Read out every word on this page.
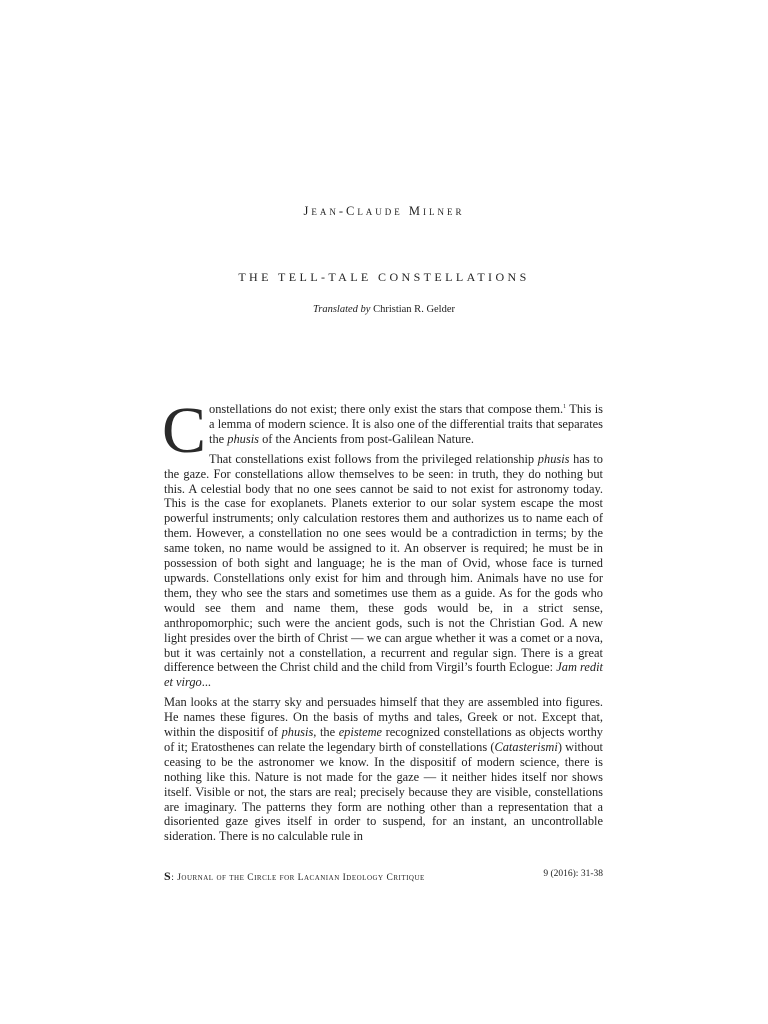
Jean-Claude Milner
THE TELL-TALE CONSTELLATIONS
Translated by Christian R. Gelder

Constellations do not exist; there only exist the stars that compose them.$^1$ This is a lemma of modern science. It is also one of the differential traits that separates the phusis of the Ancients from post-Galilean Nature.

That constellations exist follows from the privileged relationship phusis has to the gaze. For constellations allow themselves to be seen: in truth, they do nothing but this. A celestial body that no one sees cannot be said to not exist for astronomy today. This is the case for exoplanets. Planets exterior to our solar system escape the most powerful instruments; only calculation restores them and authorizes us to name each of them. However, a constellation no one sees would be a contradiction in terms; by the same token, no name would be assigned to it. An observer is required; he must be in possession of both sight and language; he is the man of Ovid, whose face is turned upwards. Constellations only exist for him and through him. Animals have no use for them, they who see the stars and sometimes use them as a guide. As for the gods who would see them and name them, these gods would be, in a strict sense, anthropomorphic; such were the ancient gods, such is not the Christian God. A new light presides over the birth of Christ — we can argue whether it was a comet or a nova, but it was certainly not a constellation, a recurrent and regular sign. There is a great difference between the Christ child and the child from Virgil’s fourth Eclogue: Jam redit et virgo...

Man looks at the starry sky and persuades himself that they are assembled into figures. He names these figures. On the basis of myths and tales, Greek or not. Except that, within the dispositif of phusis, the episteme recognized constellations as objects worthy of it; Eratosthenes can relate the legendary birth of constellations (Catasterismi) without ceasing to be the astronomer we know. In the dispositif of modern science, there is nothing like this. Nature is not made for the gaze — it neither hides itself nor shows itself. Visible or not, the stars are real; precisely because they are visible, constellations are imaginary. The patterns they form are nothing other than a representation that a disoriented gaze gives itself in order to suspend, for an instant, an uncontrollable sideration. There is no calculable rule in

S: Journal of the Circle for Lacanian Ideology Critique	9 (2016): 31-38
